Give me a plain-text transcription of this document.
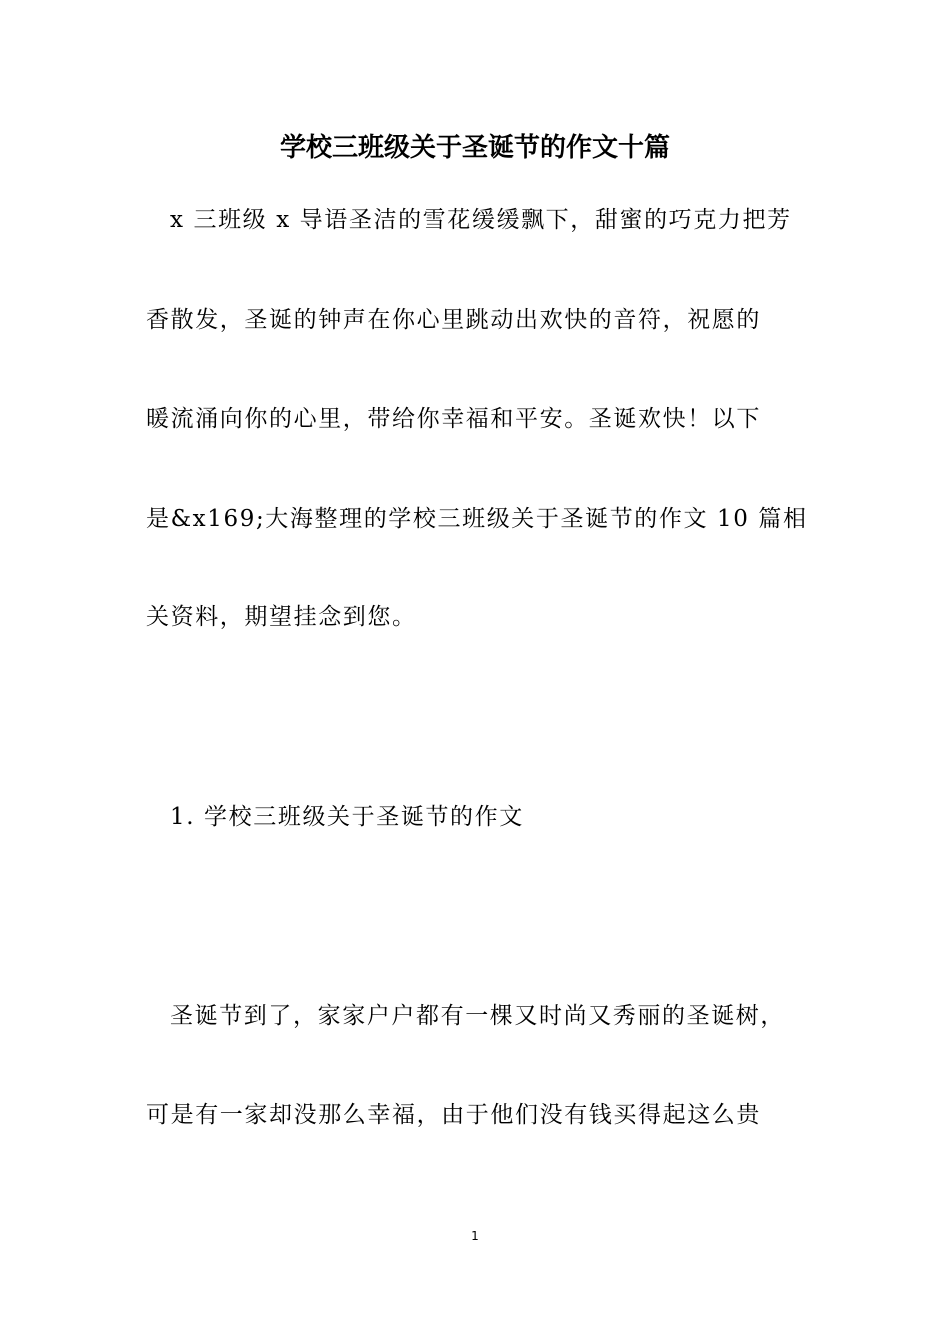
学校三班级关于圣诞节的作文十篇
x 三班级 x 导语圣洁的雪花缓缓飘下，甜蜜的巧克力把芳
香散发，圣诞的钟声在你心里跳动出欢快的音符，祝愿的
暖流涌向你的心里，带给你幸福和平安。圣诞欢快！以下
是&x169;大海整理的学校三班级关于圣诞节的作文 10 篇相
关资料，期望挂念到您。
1. 学校三班级关于圣诞节的作文
圣诞节到了，家家户户都有一棵又时尚又秀丽的圣诞树，
可是有一家却没那么幸福，由于他们没有钱买得起这么贵
1
